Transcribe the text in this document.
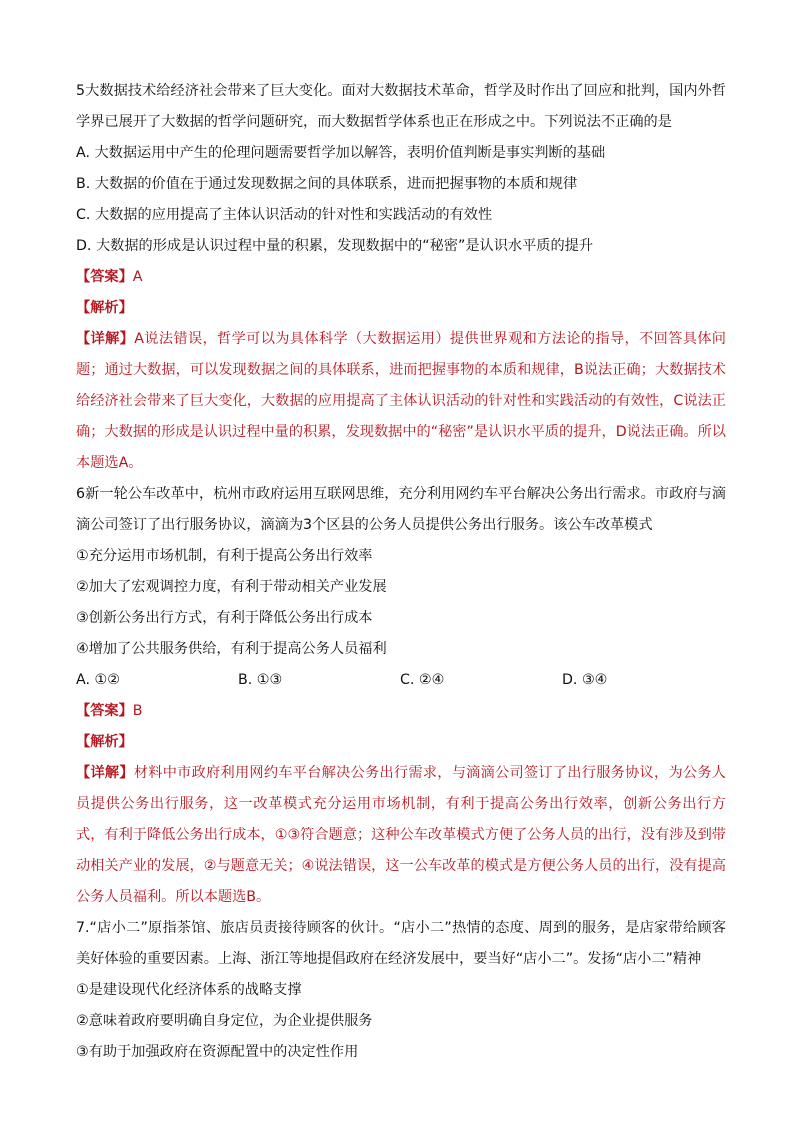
5大数据技术给经济社会带来了巨大变化。面对大数据技术革命，哲学及时作出了回应和批判，国内外哲学界已展开了大数据的哲学问题研究，而大数据哲学体系也正在形成之中。下列说法不正确的是

A. 大数据运用中产生的伦理问题需要哲学加以解答，表明价值判断是事实判断的基础

B. 大数据的价值在于通过发现数据之间的具体联系，进而把握事物的本质和规律

C. 大数据的应用提高了主体认识活动的针对性和实践活动的有效性

D. 大数据的形成是认识过程中量的积累，发现数据中的“秘密”是认识水平质的提升

【答案】A

【解析】

【详解】A说法错误，哲学可以为具体科学（大数据运用）提供世界观和方法论的指导，不回答具体问题；通过大数据，可以发现数据之间的具体联系，进而把握事物的本质和规律，B说法正确；大数据技术给经济社会带来了巨大变化，大数据的应用提高了主体认识活动的针对性和实践活动的有效性，C说法正确；大数据的形成是认识过程中量的积累，发现数据中的“秘密”是认识水平质的提升，D说法正确。所以本题选A。

6新一轮公车改革中，杭州市政府运用互联网思维，充分利用网约车平台解决公务出行需求。市政府与滴滴公司签订了出行服务协议，滴滴为3个区县的公务人员提供公务出行服务。该公车改革模式

①充分运用市场机制，有利于提高公务出行效率

②加大了宏观调控力度，有利于带动相关产业发展

③创新公务出行方式，有利于降低公务出行成本

④增加了公共服务供给，有利于提高公务人员福利

A. ①②	B. ①③	C. ②④	D. ③④

【答案】B

【解析】

【详解】材料中市政府利用网约车平台解决公务出行需求，与滴滴公司签订了出行服务协议，为公务人员提供公务出行服务，这一改革模式充分运用市场机制，有利于提高公务出行效率，创新公务出行方式，有利于降低公务出行成本，①③符合题意；这种公车改革模式方便了公务人员的出行，没有涉及到带动相关产业的发展，②与题意无关；④说法错误，这一公车改革的模式是方便公务人员的出行，没有提高公务人员福利。所以本题选B。

7.“店小二”原指茶馆、旅店员责接待顾客的伙计。“店小二”热情的态度、周到的服务，是店家带给顾客美好体验的重要因素。上海、浙江等地提倡政府在经济发展中，要当好“店小二”。发扬“店小二”精神

①是建设现代化经济体系的战略支撑

②意味着政府要明确自身定位，为企业提供服务

③有助于加强政府在资源配置中的决定性作用
